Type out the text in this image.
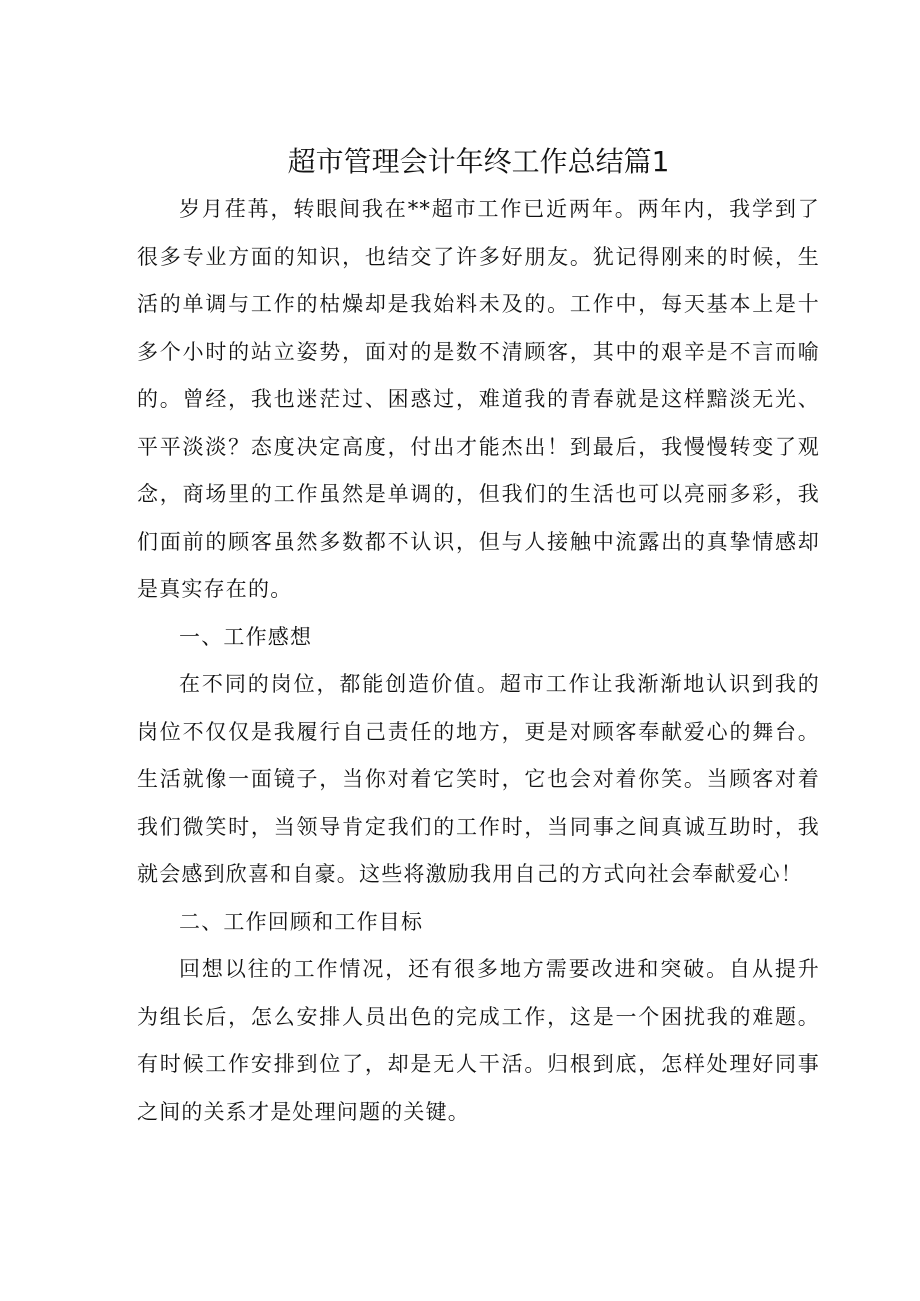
超市管理会计年终工作总结篇1

岁月荏苒，转眼间我在**超市工作已近两年。两年内，我学到了很多专业方面的知识，也结交了许多好朋友。犹记得刚来的时候，生活的单调与工作的枯燥却是我始料未及的。工作中，每天基本上是十多个小时的站立姿势，面对的是数不清顾客，其中的艰辛是不言而喻的。曾经，我也迷茫过、困惑过，难道我的青春就是这样黯淡无光、平平淡淡？态度决定高度，付出才能杰出！到最后，我慢慢转变了观念，商场里的工作虽然是单调的，但我们的生活也可以亮丽多彩，我们面前的顾客虽然多数都不认识，但与人接触中流露出的真挚情感却是真实存在的。

一、工作感想

在不同的岗位，都能创造价值。超市工作让我渐渐地认识到我的岗位不仅仅是我履行自己责任的地方，更是对顾客奉献爱心的舞台。生活就像一面镜子，当你对着它笑时，它也会对着你笑。当顾客对着我们微笑时，当领导肯定我们的工作时，当同事之间真诚互助时，我就会感到欣喜和自豪。这些将激励我用自己的方式向社会奉献爱心！

二、工作回顾和工作目标

回想以往的工作情况，还有很多地方需要改进和突破。自从提升为组长后，怎么安排人员出色的完成工作，这是一个困扰我的难题。有时候工作安排到位了，却是无人干活。归根到底，怎样处理好同事之间的关系才是处理问题的关键。
